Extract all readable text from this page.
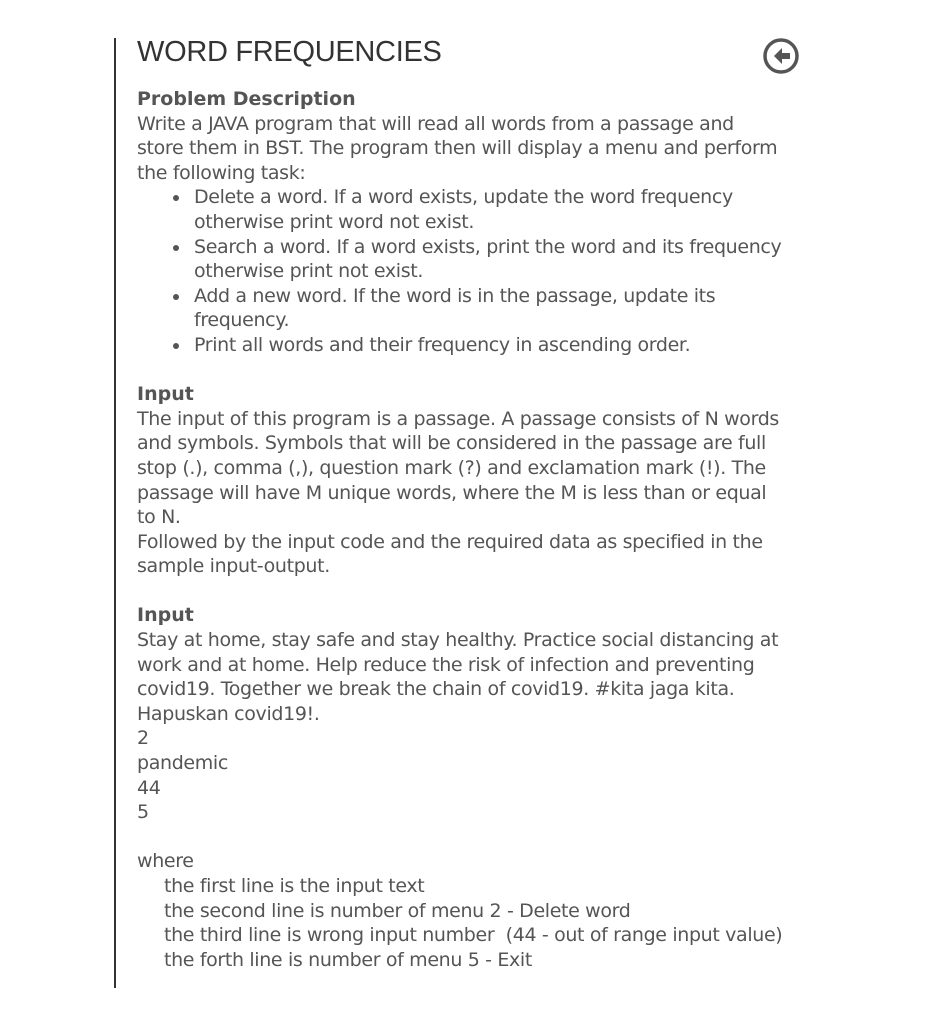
WORD FREQUENCIES
Problem Description
Write a JAVA program that will read all words from a passage and
store them in BST. The program then will display a menu and perform
the following task:
Delete a word. If a word exists, update the word frequency
otherwise print word not exist.
Search a word. If a word exists, print the word and its frequency
otherwise print not exist.
Add a new word. If the word is in the passage, update its
frequency.
Print all words and their frequency in ascending order.
Input
The input of this program is a passage. A passage consists of N words
and symbols. Symbols that will be considered in the passage are full
stop (.), comma (,), question mark (?) and exclamation mark (!). The
passage will have M unique words, where the M is less than or equal
to N.
Followed by the input code and the required data as specified in the
sample input-output.
Input
Stay at home, stay safe and stay healthy. Practice social distancing at
work and at home. Help reduce the risk of infection and preventing
covid19. Together we break the chain of covid19. #kita jaga kita.
Hapuskan covid19!.
2
pandemic
44
5
where
the first line is the input text
the second line is number of menu 2 - Delete word
the third line is wrong input number  (44 - out of range input value)
the forth line is number of menu 5 - Exit
